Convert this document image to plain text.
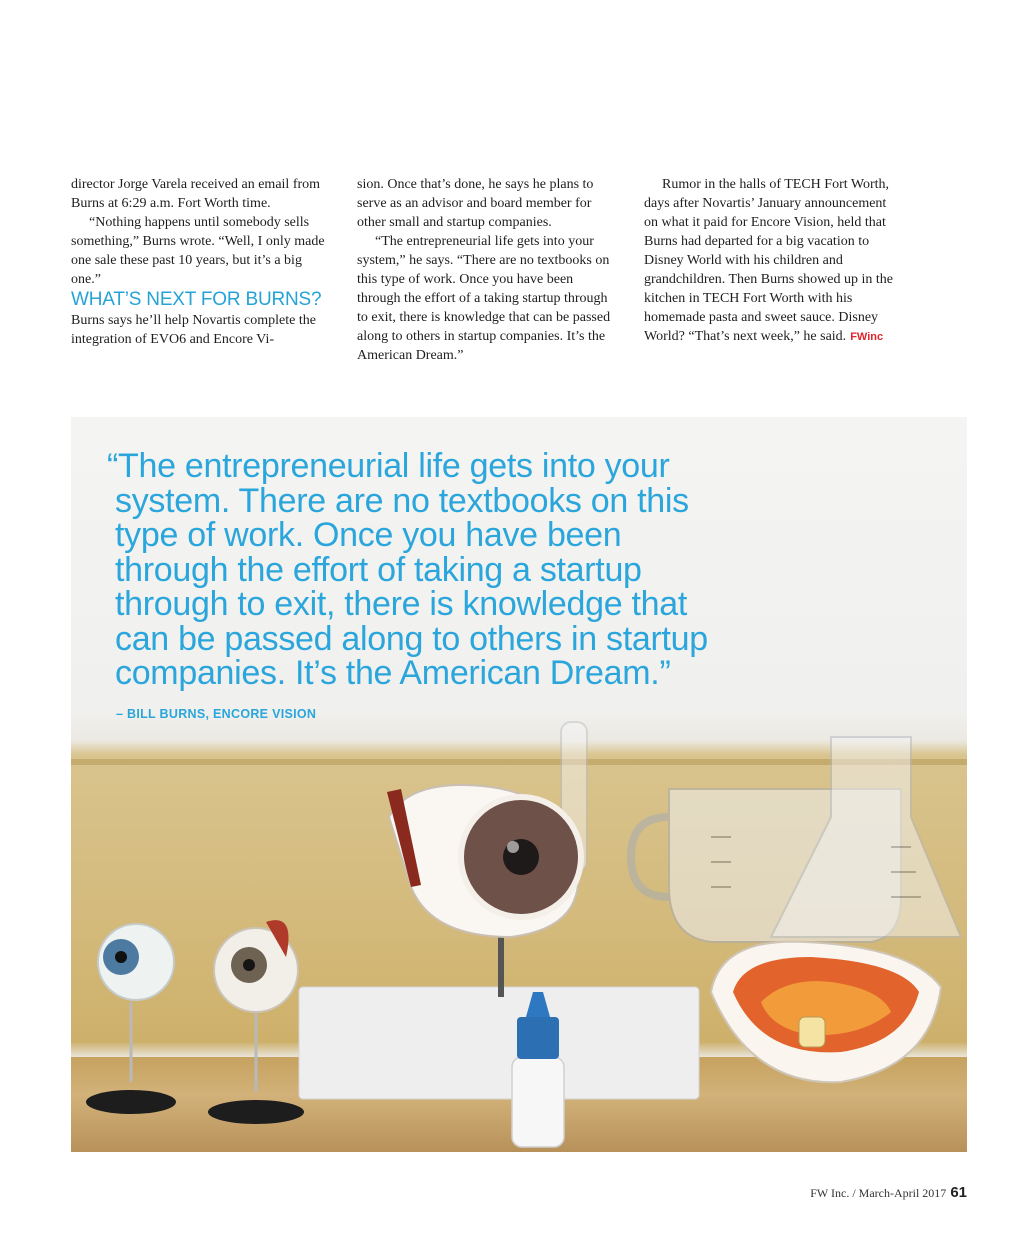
director Jorge Varela received an email from Burns at 6:29 a.m. Fort Worth time.

“Nothing happens until somebody sells something,” Burns wrote. “Well, I only made one sale these past 10 years, but it’s a big one.”

WHAT’S NEXT FOR BURNS?

Burns says he’ll help Novartis complete the integration of EVO6 and Encore Vi-

sion. Once that’s done, he says he plans to serve as an advisor and board member for other small and startup companies.

“The entrepreneurial life gets into your system,” he says. “There are no textbooks on this type of work. Once you have been through the effort of a taking startup through to exit, there is knowledge that can be passed along to others in startup companies. It’s the American Dream.”

Rumor in the halls of TECH Fort Worth, days after Novartis’ January announcement on what it paid for Encore Vision, held that Burns had departed for a big vacation to Disney World with his children and grandchildren. Then Burns showed up in the kitchen in TECH Fort Worth with his homemade pasta and sweet sauce. Disney World? “That’s next week,” he said. FWinc

“The entrepreneurial life gets into your
system. There are no textbooks on this
type of work. Once you have been
through the effort of taking a startup
through to exit, there is knowledge that
can be passed along to others in startup
companies. It’s the American Dream.”
– BILL BURNS, ENCORE VISION
FW Inc. / March-April 2017 61
